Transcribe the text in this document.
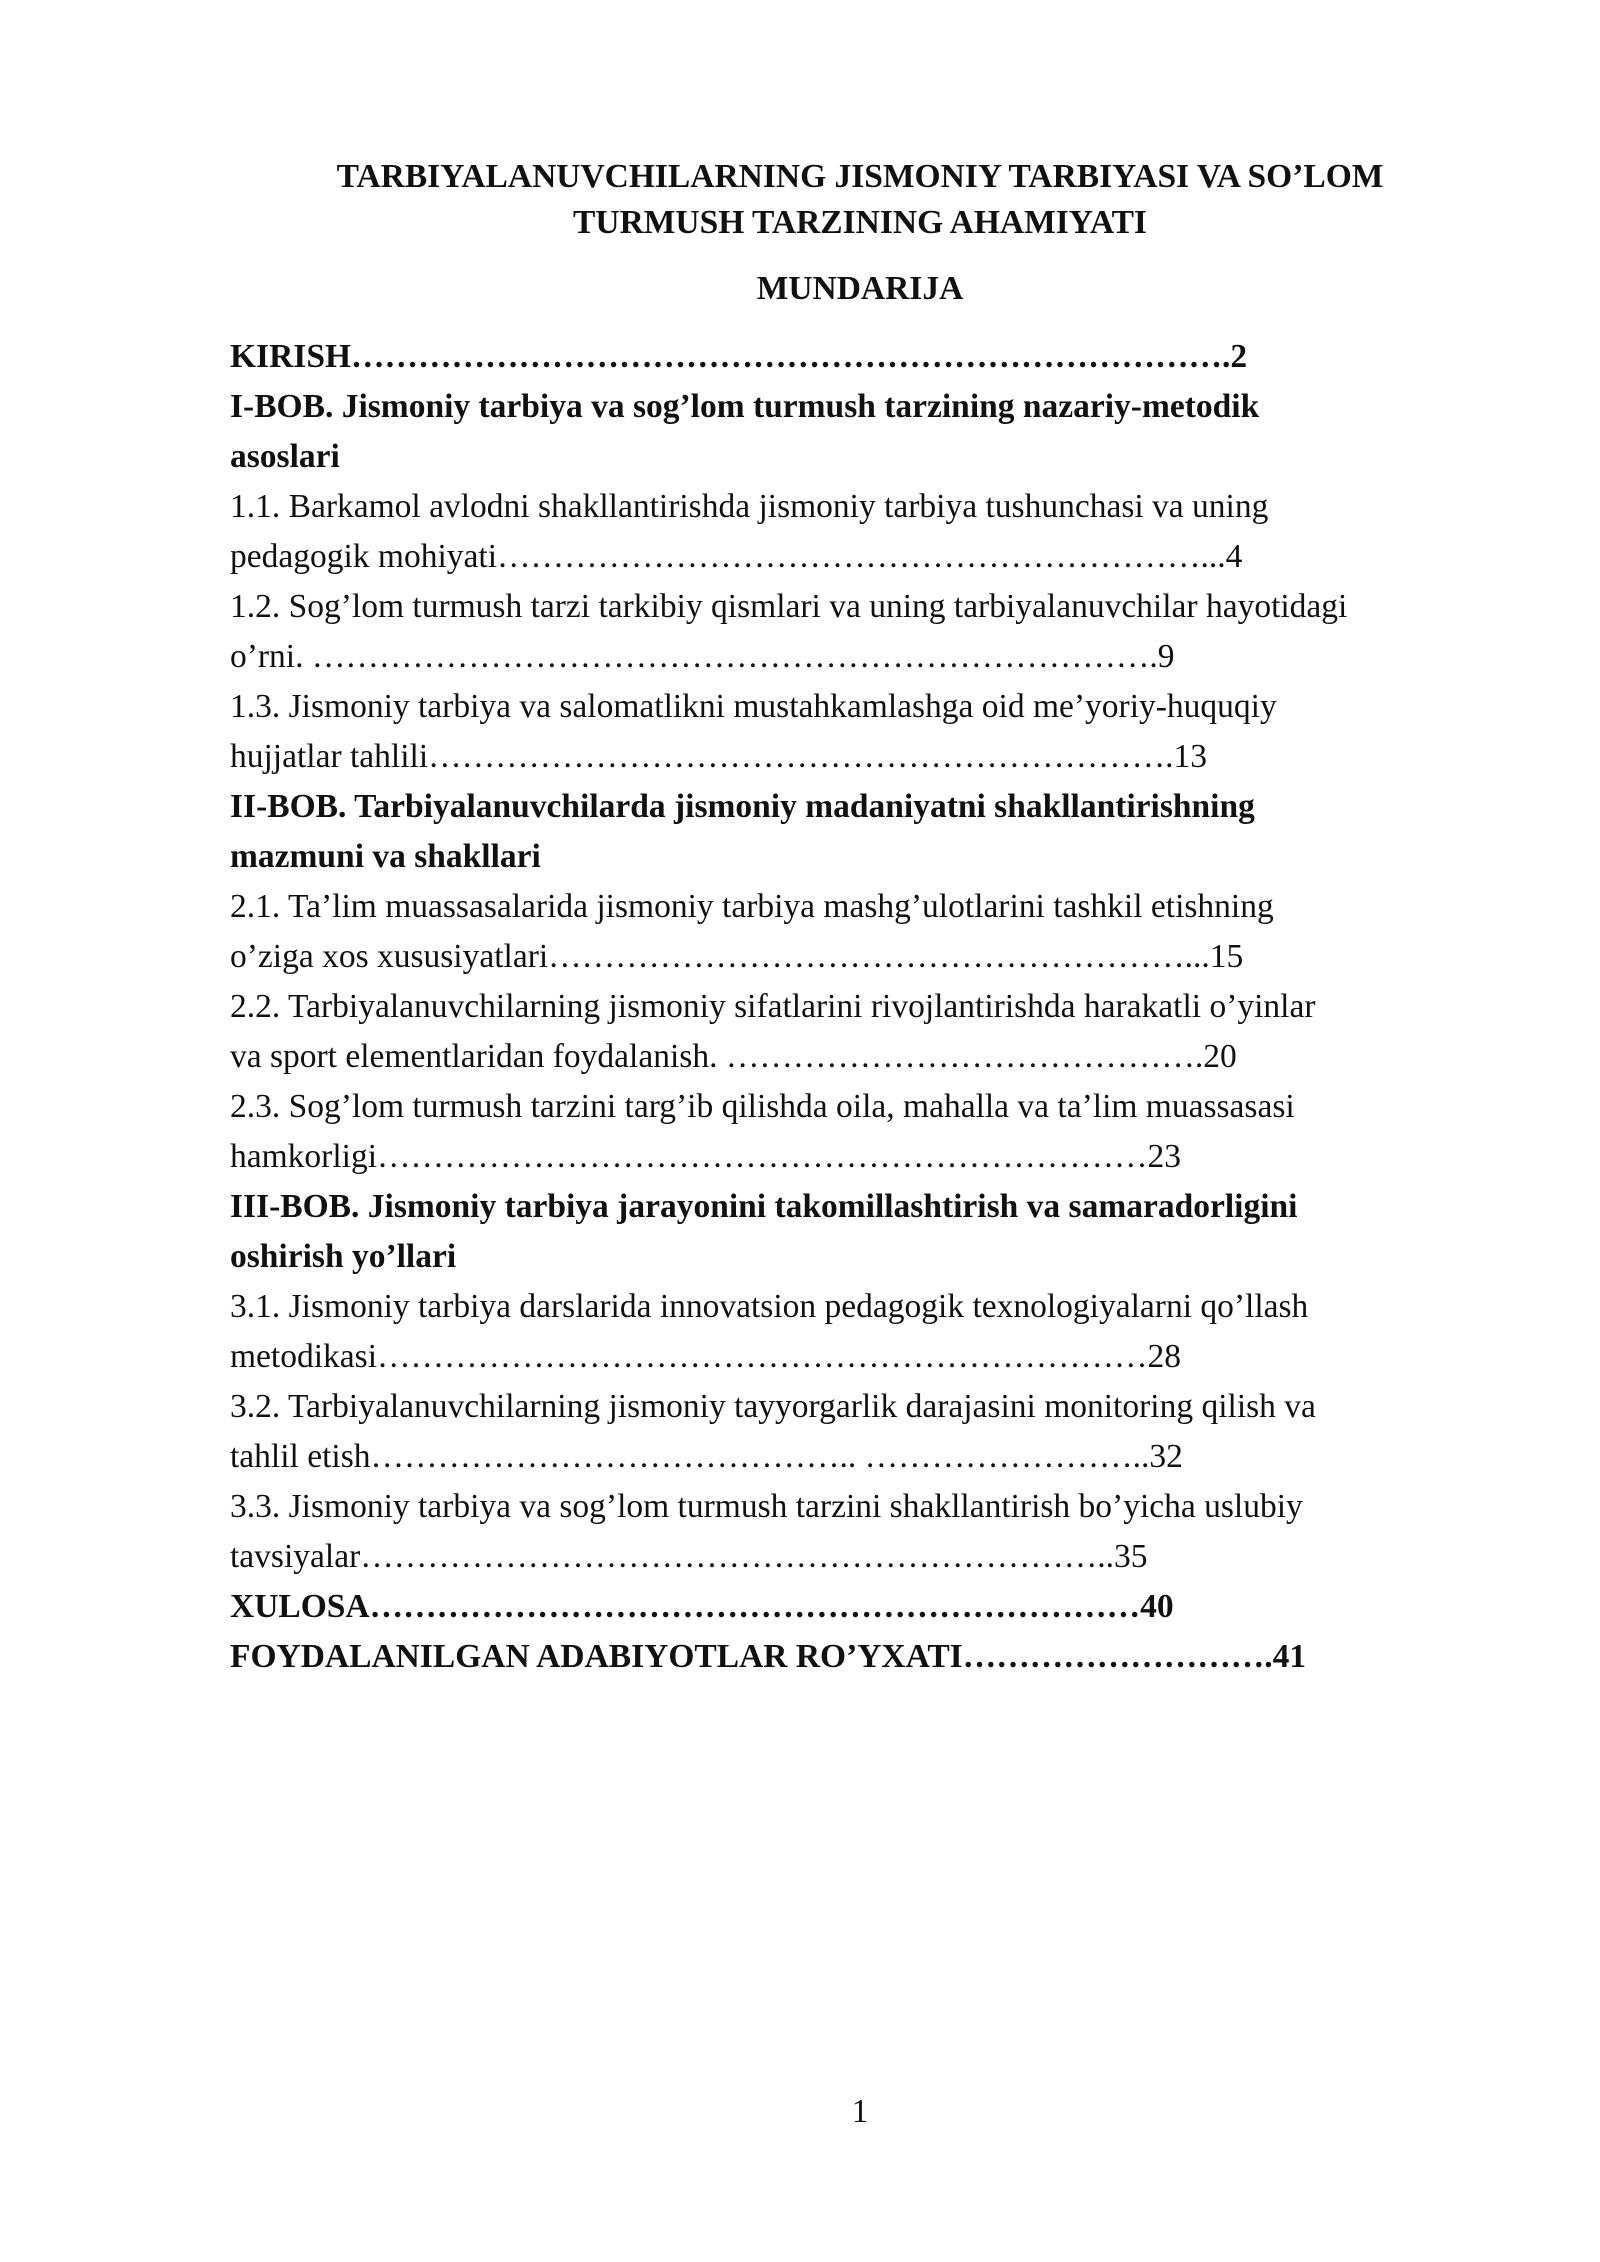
TARBIYALANUVCHILARNING JISMONIY TARBIYASI VA SO’LOM
TURMUSH TARZINING AHAMIYATI
MUNDARIJA

KIRISH…………………………………………………………………….2

I-BOB. Jismoniy tarbiya va sog’lom turmush tarzining nazariy-metodik
asoslari

1.1. Barkamol avlodni shakllantirishda jismoniy tarbiya tushunchasi va uning
pedagogik mohiyati………………………………………………………...4

1.2. Sog’lom turmush tarzi tarkibiy qismlari va uning tarbiyalanuvchilar hayotidagi
o’rni. ………………………………………………………………….9

1.3. Jismoniy tarbiya va salomatlikni mustahkamlashga oid me’yoriy-huquqiy
hujjatlar tahlili………………………………………………………….13

II-BOB. Tarbiyalanuvchilarda jismoniy madaniyatni shakllantirishning
mazmuni va shakllari

2.1. Ta’lim muassasalarida jismoniy tarbiya mashg’ulotlarini tashkil etishning
o’ziga xos xususiyatlari…………………………………………………...15

2.2. Tarbiyalanuvchilarning jismoniy sifatlarini rivojlantirishda harakatli o’yinlar
va sport elementlaridan foydalanish. …………………………………….20

2.3. Sog’lom turmush tarzini targ’ib qilishda oila, mahalla va ta’lim muassasasi
hamkorligi……………………………………………………………23

III-BOB. Jismoniy tarbiya jarayonini takomillashtirish va samaradorligini
oshirish yo’llari

3.1. Jismoniy tarbiya darslarida innovatsion pedagogik texnologiyalarni qo’llash
metodikasi……………………………………………………………28

3.2. Tarbiyalanuvchilarning jismoniy tayyorgarlik darajasini monitoring qilish va
tahlil etish…………………………………….. ……………………..32

3.3. Jismoniy tarbiya va sog’lom turmush tarzini shakllantirish bo’yicha uslubiy
tavsiyalar…………………………………………………………..35

XULOSA……………………………………………………………40

FOYDALANILGAN ADABIYOTLAR RO’YXATI……………………….41

1
